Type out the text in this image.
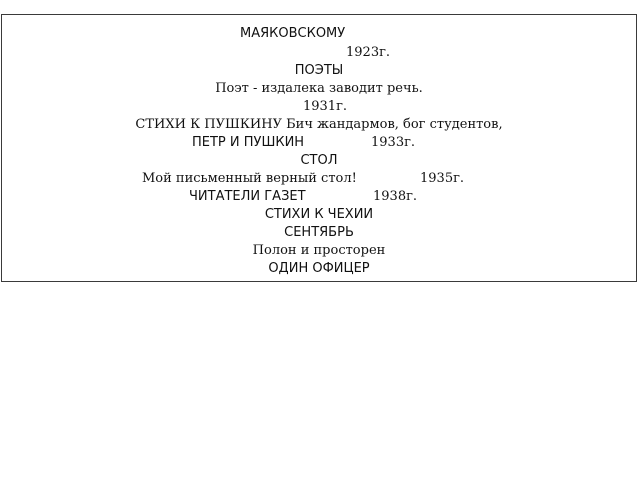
МАЯКОВСКОМУ
1923г.
ПОЭТЫ
Поэт - издалека заводит речь.
1931г.
СТИХИ К ПУШКИНУ Бич жандармов, бог студентов,
ПЕТР И ПУШКИН	1933г.
СТОЛ
Мой письменный верный стол!	1935г.
ЧИТАТЕЛИ ГАЗЕТ	1938г.
СТИХИ К ЧЕХИИ
СЕНТЯБРЬ
Полон и просторен
ОДИН ОФИЦЕР
